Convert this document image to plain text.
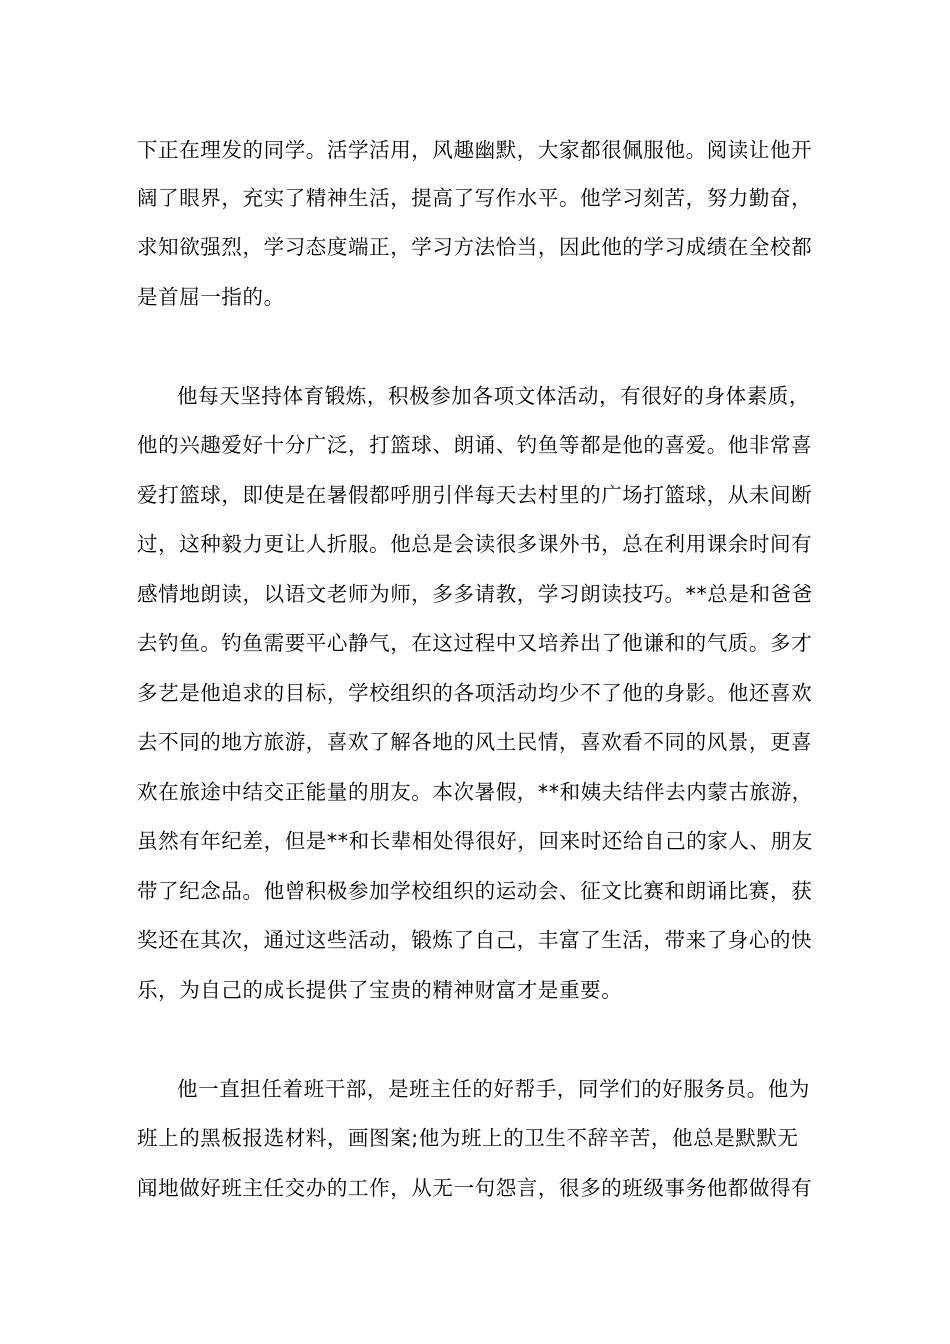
下正在理发的同学。活学活用，风趣幽默，大家都很佩服他。阅读让他开
阔了眼界，充实了精神生活，提高了写作水平。他学习刻苦，努力勤奋，
求知欲强烈，学习态度端正，学习方法恰当，因此他的学习成绩在全校都
是首屈一指的。
他每天坚持体育锻炼，积极参加各项文体活动，有很好的身体素质，
他的兴趣爱好十分广泛，打篮球、朗诵、钓鱼等都是他的喜爱。他非常喜
爱打篮球，即使是在暑假都呼朋引伴每天去村里的广场打篮球，从未间断
过，这种毅力更让人折服。他总是会读很多课外书，总在利用课余时间有
感情地朗读，以语文老师为师，多多请教，学习朗读技巧。**总是和爸爸
去钓鱼。钓鱼需要平心静气，在这过程中又培养出了他谦和的气质。多才
多艺是他追求的目标，学校组织的各项活动均少不了他的身影。他还喜欢
去不同的地方旅游，喜欢了解各地的风土民情，喜欢看不同的风景，更喜
欢在旅途中结交正能量的朋友。本次暑假，**和姨夫结伴去内蒙古旅游，
虽然有年纪差，但是**和长辈相处得很好，回来时还给自己的家人、朋友
带了纪念品。他曾积极参加学校组织的运动会、征文比赛和朗诵比赛，获
奖还在其次，通过这些活动，锻炼了自己，丰富了生活，带来了身心的快
乐，为自己的成长提供了宝贵的精神财富才是重要。
他一直担任着班干部，是班主任的好帮手，同学们的好服务员。他为
班上的黑板报选材料，画图案;他为班上的卫生不辞辛苦，他总是默默无
闻地做好班主任交办的工作，从无一句怨言，很多的班级事务他都做得有
